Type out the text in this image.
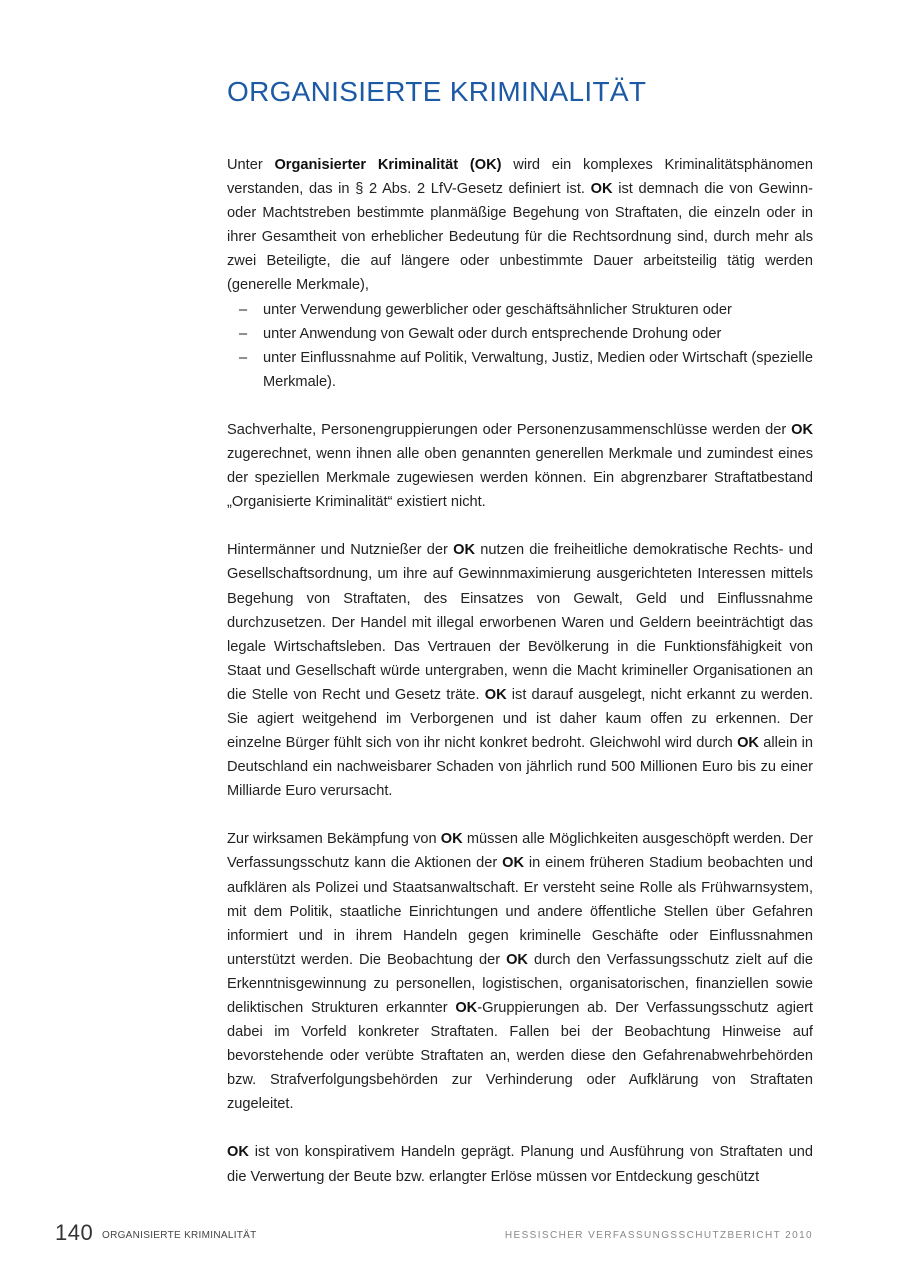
ORGANISIERTE KRIMINALITÄT

Unter Organisierter Kriminalität (OK) wird ein komplexes Kriminalitätsphänomen verstanden, das in § 2 Abs. 2 LfV-Gesetz definiert ist. OK ist demnach die von Gewinn- oder Machtstreben bestimmte planmäßige Begehung von Straftaten, die einzeln oder in ihrer Gesamtheit von erheblicher Bedeutung für die Rechtsordnung sind, durch mehr als zwei Beteiligte, die auf längere oder unbestimmte Dauer arbeitsteilig tätig werden (generelle Merkmale),

– unter Verwendung gewerblicher oder geschäftsähnlicher Strukturen oder
– unter Anwendung von Gewalt oder durch entsprechende Drohung oder
– unter Einflussnahme auf Politik, Verwaltung, Justiz, Medien oder Wirtschaft (spezielle Merkmale).

Sachverhalte, Personengruppierungen oder Personenzusammenschlüsse werden der OK zugerechnet, wenn ihnen alle oben genannten generellen Merkmale und zumindest eines der speziellen Merkmale zugewiesen werden können. Ein abgrenzbarer Straftatbestand „Organisierte Kriminalität“ existiert nicht.

Hintermänner und Nutznießer der OK nutzen die freiheitliche demokratische Rechts- und Gesellschaftsordnung, um ihre auf Gewinnmaximierung ausgerichteten Interessen mittels Begehung von Straftaten, des Einsatzes von Gewalt, Geld und Einflussnahme durchzusetzen. Der Handel mit illegal erworbenen Waren und Geldern beeinträchtigt das legale Wirtschaftsleben. Das Vertrauen der Bevölkerung in die Funktionsfähigkeit von Staat und Gesellschaft würde untergraben, wenn die Macht krimineller Organisationen an die Stelle von Recht und Gesetz träte. OK ist darauf ausgelegt, nicht erkannt zu werden. Sie agiert weitgehend im Verborgenen und ist daher kaum offen zu erkennen. Der einzelne Bürger fühlt sich von ihr nicht konkret bedroht. Gleichwohl wird durch OK allein in Deutschland ein nachweisbarer Schaden von jährlich rund 500 Millionen Euro bis zu einer Milliarde Euro verursacht.

Zur wirksamen Bekämpfung von OK müssen alle Möglichkeiten ausgeschöpft werden. Der Verfassungsschutz kann die Aktionen der OK in einem früheren Stadium beobachten und aufklären als Polizei und Staatsanwaltschaft. Er versteht seine Rolle als Frühwarnsystem, mit dem Politik, staatliche Einrichtungen und andere öffentliche Stellen über Gefahren informiert und in ihrem Handeln gegen kriminelle Geschäfte oder Einflussnahmen unterstützt werden. Die Beobachtung der OK durch den Verfassungsschutz zielt auf die Erkenntnisgewinnung zu personellen, logistischen, organisatorischen, finanziellen sowie deliktischen Strukturen erkannter OK-Gruppierungen ab. Der Verfassungsschutz agiert dabei im Vorfeld konkreter Straftaten. Fallen bei der Beobachtung Hinweise auf bevorstehende oder verübte Straftaten an, werden diese den Gefahrenabwehrbehörden bzw. Strafverfolgungsbehörden zur Verhinderung oder Aufklärung von Straftaten zugeleitet.

OK ist von konspirativem Handeln geprägt. Planung und Ausführung von Straftaten und die Verwertung der Beute bzw. erlangter Erlöse müssen vor Entdeckung geschützt

140 ORGANISIERTE KRIMINALITÄT	HESSISCHER VERFASSUNGSSCHUTZBERICHT 2010
